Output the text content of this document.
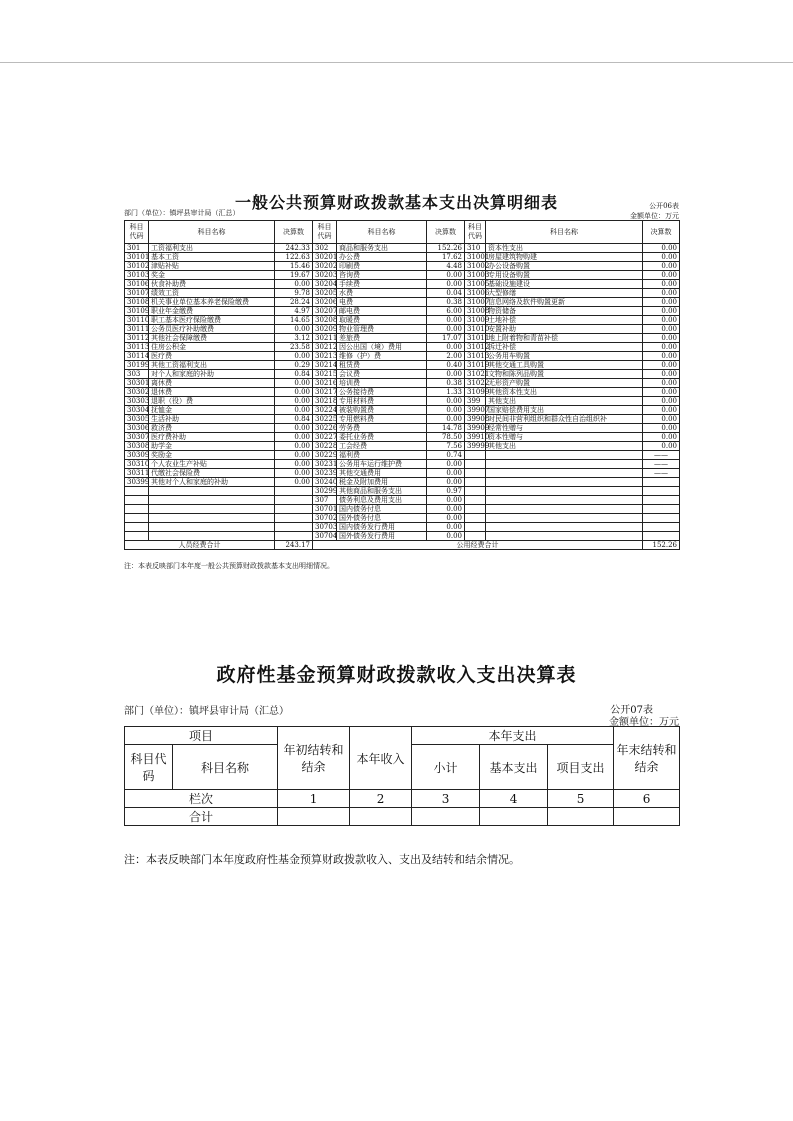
一般公共预算财政拨款基本支出决算明细表
部门（单位）：镇坪县审计局（汇总）
公开06表
金额单位：万元
科目代码	科目名称	决算数	科目代码	科目名称	决算数	科目代码	科目名称	决算数
301	工资福利支出	242.33	302	商品和服务支出	152.26	310	资本性支出	0.00
30101	基本工资	122.63	30201	办公费	17.62	31001	房屋建筑物购建	0.00
30102	津贴补贴	15.46	30202	印刷费	4.48	31002	办公设备购置	0.00
30103	奖金	19.67	30203	咨询费	0.00	31003	专用设备购置	0.00
30106	伙食补助费	0.00	30204	手续费	0.00	31005	基础设施建设	0.00
30107	绩效工资	9.78	30205	水费	0.04	31006	大型修缮	0.00
30108	机关事业单位基本养老保险缴费	28.24	30206	电费	0.38	31007	信息网络及软件购置更新	0.00
30109	职业年金缴费	4.97	30207	邮电费	6.00	31008	物资储备	0.00
30110	职工基本医疗保险缴费	14.65	30208	取暖费	0.00	31009	土地补偿	0.00
30111	公务员医疗补助缴费	0.00	30209	物业管理费	0.00	31010	安置补助	0.00
30112	其他社会保障缴费	3.12	30211	差旅费	17.07	31011	地上附着物和青苗补偿	0.00
30113	住房公积金	23.58	30212	因公出国（境）费用	0.00	31012	拆迁补偿	0.00
30114	医疗费	0.00	30213	维修（护）费	2.00	31013	公务用车购置	0.00
30199	其他工资福利支出	0.29	30214	租赁费	0.40	31019	其他交通工具购置	0.00
303	对个人和家庭的补助	0.84	30215	会议费	0.00	31021	文物和陈列品购置	0.00
30301	离休费	0.00	30216	培训费	0.38	31022	无形资产购置	0.00
30302	退休费	0.00	30217	公务接待费	1.33	31099	其他资本性支出	0.00
30303	退职（役）费	0.00	30218	专用材料费	0.00	399	其他支出	0.00
30304	抚恤金	0.00	30224	被装购置费	0.00	39907	国家赔偿费用支出	0.00
30305	生活补助	0.84	30225	专用燃料费	0.00	39908	对民间非营利组织和群众性自治组织补	0.00
30306	救济费	0.00	30226	劳务费	14.78	39909	经常性赠与	0.00
30307	医疗费补助	0.00	30227	委托业务费	78.50	39910	资本性赠与	0.00
30308	助学金	0.00	30228	工会经费	7.56	39999	其他支出	0.00
30309	奖励金	0.00	30229	福利费	0.74			——
30310	个人农业生产补贴	0.00	30231	公务用车运行维护费	0.00			——
30311	代缴社会保险费	0.00	30239	其他交通费用	0.00			——
30399	其他对个人和家庭的补助	0.00	30240	税金及附加费用	0.00			
			30299	其他商品和服务支出	0.97			
			307	债务利息及费用支出	0.00			
			30701	国内债务付息	0.00			
			30702	国外债务付息	0.00			
			30703	国内债务发行费用	0.00			
			30704	国外债务发行费用	0.00			
人员经费合计		243.17	公用经费合计					152.26
注：本表反映部门本年度一般公共预算财政拨款基本支出明细情况。
政府性基金预算财政拨款收入支出决算表
部门（单位）：镇坪县审计局（汇总）	公开07表
金额单位：万元
项目		年初结转和结余	本年收入	本年支出			年末结转和结余
科目代码	科目名称			小计	基本支出	项目支出	
栏次		1	2	3	4	5	6
合计							
注：本表反映部门本年度政府性基金预算财政拨款收入、支出及结转和结余情况。
